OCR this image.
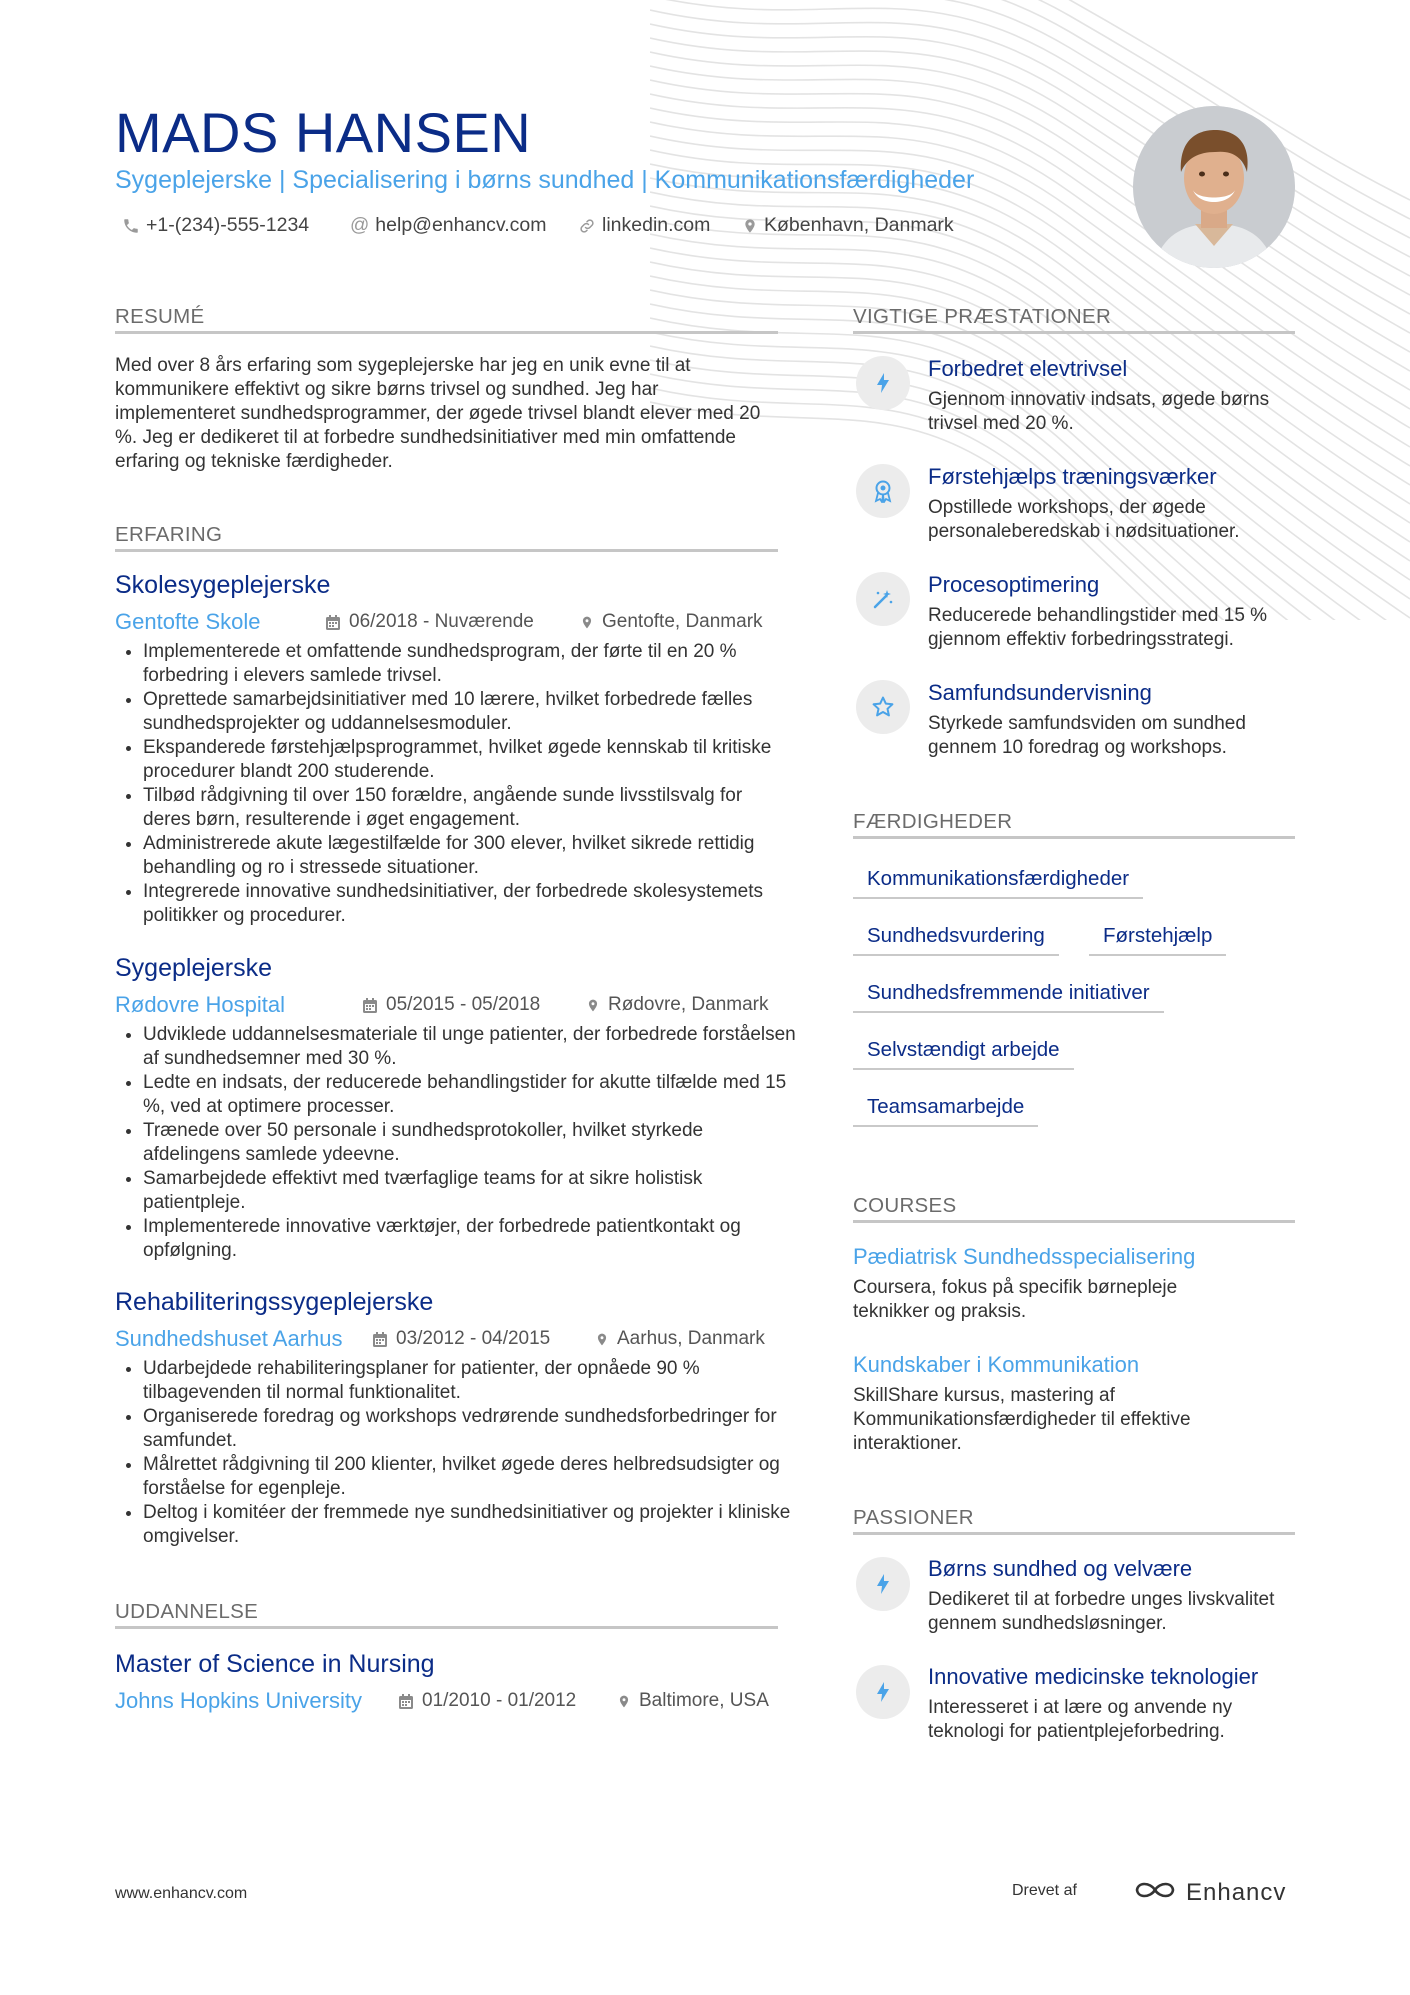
MADS HANSEN
Sygeplejerske | Specialisering i børns sundhed | Kommunikationsfærdigheder
+1-(234)-555-1234 @ help@enhancv.com	linkedin.com	København, Danmark
RESUMÉ
Med over 8 års erfaring som sygeplejerske har jeg en unik evne til at kommunikere effektivt og sikre børns trivsel og sundhed. Jeg har implementeret sundhedsprogrammer, der øgede trivsel blandt elever med 20 %. Jeg er dedikeret til at forbedre sundhedsinitiativer med min omfattende erfaring og tekniske færdigheder.
ERFARING
Skolesygeplejerske
Gentofte Skole	06/2018 - Nuværende	Gentofte, Danmark
• Implementerede et omfattende sundhedsprogram, der førte til en 20 % forbedring i elevers samlede trivsel.
• Oprettede samarbejdsinitiativer med 10 lærere, hvilket forbedrede fælles sundhedsprojekter og uddannelsesmoduler.
• Ekspanderede førstehjælpsprogrammet, hvilket øgede kennskab til kritiske procedurer blandt 200 studerende.
• Tilbød rådgivning til over 150 forældre, angående sunde livsstilsvalg for deres børn, resulterende i øget engagement.
• Administrerede akute lægestilfælde for 300 elever, hvilket sikrede rettidig behandling og ro i stressede situationer.
• Integrerede innovative sundhedsinitiativer, der forbedrede skolesystemets politikker og procedurer.
Sygeplejerske
Rødovre Hospital	05/2015 - 05/2018	Rødovre, Danmark
• Udviklede uddannelsesmateriale til unge patienter, der forbedrede forståelsen af sundhedsemner med 30 %.
• Ledte en indsats, der reducerede behandlingstider for akutte tilfælde med 15 %, ved at optimere processer.
• Trænede over 50 personale i sundhedsprotokoller, hvilket styrkede afdelingens samlede ydeevne.
• Samarbejdede effektivt med tværfaglige teams for at sikre holistisk patientpleje.
• Implementerede innovative værktøjer, der forbedrede patientkontakt og opfølgning.
Rehabiliteringssygeplejerske
Sundhedshuset Aarhus	03/2012 - 04/2015	Aarhus, Danmark
• Udarbejdede rehabiliteringsplaner for patienter, der opnåede 90 % tilbagevenden til normal funktionalitet.
• Organiserede foredrag og workshops vedrørende sundhedsforbedringer for samfundet.
• Målrettet rådgivning til 200 klienter, hvilket øgede deres helbredsudsigter og forståelse for egenpleje.
• Deltog i komitéer der fremmede nye sundhedsinitiativer og projekter i kliniske omgivelser.
UDDANNELSE
Master of Science in Nursing
Johns Hopkins University	01/2010 - 01/2012	Baltimore, USA
VIGTIGE PRÆSTATIONER
Forbedret elevtrivsel
Gjennom innovativ indsats, øgede børns trivsel med 20 %.
Førstehjælps træningsværker
Opstillede workshops, der øgede personaleberedskab i nødsituationer.
Procesoptimering
Reducerede behandlingstider med 15 % gjennom effektiv forbedringsstrategi.
Samfundsundervisning
Styrkede samfundsviden om sundhed gennem 10 foredrag og workshops.
FÆRDIGHEDER
Kommunikationsfærdigheder
Sundhedsvurdering	Førstehjælp
Sundhedsfremmende initiativer
Selvstændigt arbejde
Teamsamarbejde
COURSES
Pædiatrisk Sundhedsspecialisering
Coursera, fokus på specifik børnepleje teknikker og praksis.
Kundskaber i Kommunikation
SkillShare kursus, mastering af Kommunikationsfærdigheder til effektive interaktioner.
PASSIONER
Børns sundhed og velvære
Dedikeret til at forbedre unges livskvalitet gennem sundhedsløsninger.
Innovative medicinske teknologier
Interesseret i at lære og anvende ny teknologi for patientplejeforbedring.
www.enhancv.com	Drevet af	Enhancv
